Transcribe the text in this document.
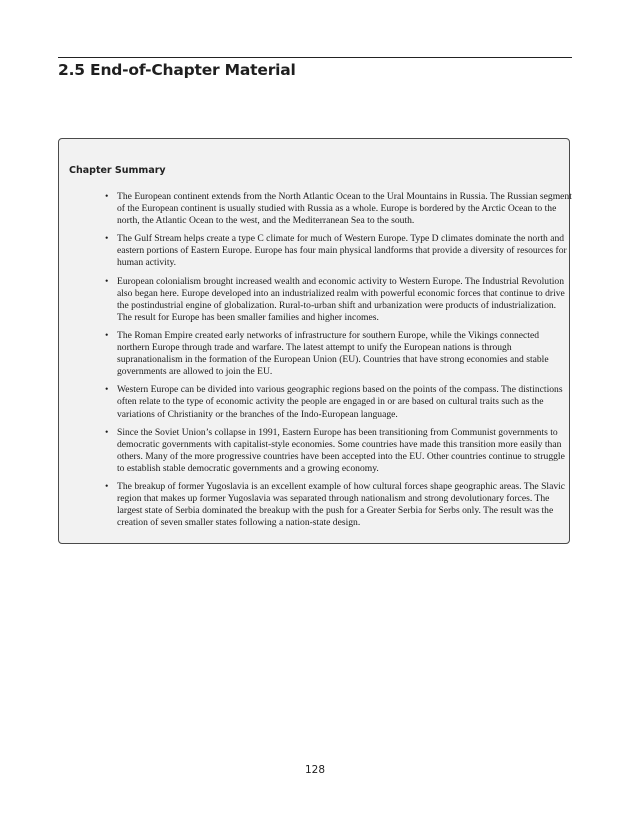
2.5 End-of-Chapter Material
Chapter Summary
• The European continent extends from the North Atlantic Ocean to the Ural Mountains in Russia. The Russian segment of the European continent is usually studied with Russia as a whole. Europe is bordered by the Arctic Ocean to the north, the Atlantic Ocean to the west, and the Mediterranean Sea to the south.
• The Gulf Stream helps create a type C climate for much of Western Europe. Type D climates dominate the north and eastern portions of Eastern Europe. Europe has four main physical landforms that provide a diversity of resources for human activity.
• European colonialism brought increased wealth and economic activity to Western Europe. The Industrial Revolution also began here. Europe developed into an industrialized realm with powerful economic forces that continue to drive the postindustrial engine of globalization. Rural-to-urban shift and urbanization were products of industrialization. The result for Europe has been smaller families and higher incomes.
• The Roman Empire created early networks of infrastructure for southern Europe, while the Vikings connected northern Europe through trade and warfare. The latest attempt to unify the European nations is through supranationalism in the formation of the European Union (EU). Countries that have strong economies and stable governments are allowed to join the EU.
• Western Europe can be divided into various geographic regions based on the points of the compass. The distinctions often relate to the type of economic activity the people are engaged in or are based on cultural traits such as the variations of Christianity or the branches of the Indo-European language.
• Since the Soviet Union’s collapse in 1991, Eastern Europe has been transitioning from Communist governments to democratic governments with capitalist-style economies. Some countries have made this transition more easily than others. Many of the more progressive countries have been accepted into the EU. Other countries continue to struggle to establish stable democratic governments and a growing economy.
• The breakup of former Yugoslavia is an excellent example of how cultural forces shape geographic areas. The Slavic region that makes up former Yugoslavia was separated through nationalism and strong devolutionary forces. The largest state of Serbia dominated the breakup with the push for a Greater Serbia for Serbs only. The result was the creation of seven smaller states following a nation-state design.
128
